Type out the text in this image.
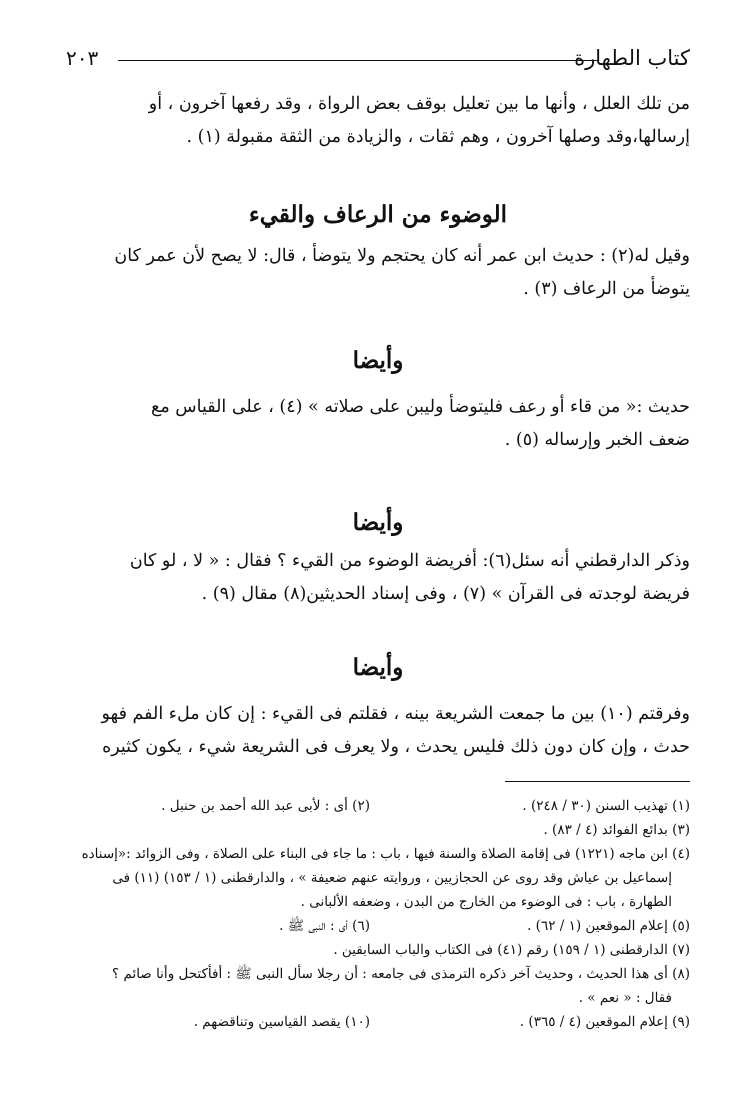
كتاب الطهارة
٢٠٣
من تلك العلل ، وأنها ما بين تعليل بوقف بعض الرواة ، وقد رفعها آخرون ، أو
إرسالها،وقد وصلها آخرون ، وهم ثقات ، والزيادة من الثقة مقبولة (١) .
الوضوء من الرعاف والقيء
وقيل له(٢) : حديث ابن عمر أنه كان يحتجم ولا يتوضأ ، قال: لا يصح لأن عمر كان
يتوضأ من الرعاف (٣) .
وأيضا
حديث :« من قاء أو رعف فليتوضأ وليبن على صلاته » (٤) ، على القياس مع
ضعف الخبر وإرساله (٥) .
وأيضا
وذكر الدارقطني أنه سئل(٦): أفريضة الوضوء من القيء ؟ فقال : « لا ، لو كان
فريضة لوجدته فى القرآن » (٧) ، وفى إسناد الحديثين(٨) مقال (٩) .
وأيضا
وفرقتم (١٠) بين ما جمعت الشريعة بينه ، فقلتم فى القيء : إن كان ملء الفم فهو
حدث ، وإن كان دون ذلك فليس يحدث ، ولا يعرف فى الشريعة شيء ، يكون كثيره
(١) تهذيب السنن (٣٠ / ٢٤٨) .
(٢) أى : لأبى عبد الله أحمد بن حنبل .
(٣) بدائع الفوائد (٤ / ٨٣) .
(٤) ابن ماجه (١٢٢١) فى إقامة الصلاة والسنة فيها ، باب : ما جاء فى البناء على الصلاة ، وفى الزوائد :«إسناده
إسماعيل بن عياش وقد روى عن الحجازيين ، وروايته عنهم ضعيفة » ، والدارقطنى (١ / ١٥٣) (١١) فى
الطهارة ، باب : فى الوضوء من الخارج من البدن ، وضعفه الألبانى .
(٥) إعلام الموقعين (١ / ٦٢) .
(٦) أى : النبى ﷺ .
(٧) الدارقطنى (١ / ١٥٩) رقم (٤١) فى الكتاب والباب السابقين .
(٨) أى هذا الحديث ، وحديث آخر ذكره الترمذى فى جامعه : أن رجلا سأل النبى ﷺ : أفأكتحل وأنا صائم ؟
فقال : « نعم » .
(٩) إعلام الموقعين (٤ / ٣٦٥) .
(١٠) يقصد القياسين وتناقضهم .
